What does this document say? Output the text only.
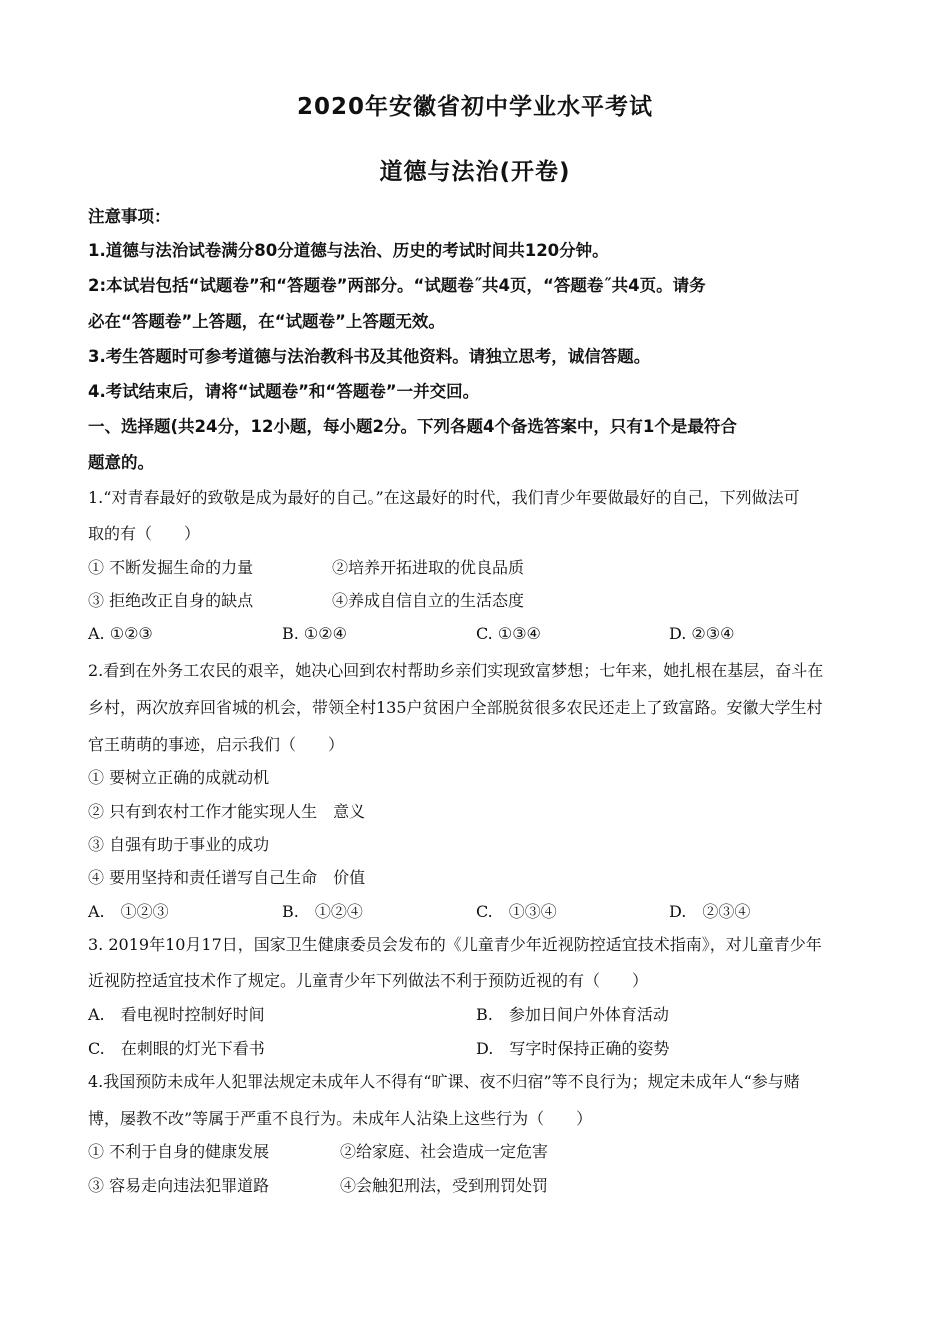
2020年安徽省初中学业水平考试
道德与法治(开卷)
注意事项：
1.道德与法治试卷满分80分道德与法治、历史的考试时间共120分钟。
2:本试岩包括“试题卷”和“答题卷”两部分。“试题卷˝共4页，“答题卷˝共4页。请务
必在“答题卷”上答题，在“试题卷”上答题无效。
3.考生答题时可参考道德与法治教科书及其他资料。请独立思考，诚信答题。
4.考试结束后，请将“试题卷”和“答题卷”一并交回。
一、选择题(共24分，12小题，每小题2分。下列各题4个备选答案中，只有1个是最符合
题意的。
1.“对青春最好的致敬是成为最好的自己。”在这最好的时代，我们青少年要做最好的自己，下列做法可
取的有（　　）
① 不断发掘生命的力量	②培养开拓进取的优良品质
③ 拒绝改正自身的缺点	④养成自信自立的生活态度
A. ①②③	B. ①②④	C. ①③④	D. ②③④
2.看到在外务工农民的艰辛，她决心回到农村帮助乡亲们实现致富梦想；七年来，她扎根在基层，奋斗在
乡村，两次放弃回省城的机会，带领全村135户贫困户全部脱贫很多农民还走上了致富路。安徽大学生村
官王萌萌的事迹，启示我们（　　）
① 要树立正确的成就动机
② 只有到农村工作才能实现人生　意义
③ 自强有助于事业的成功
④ 要用坚持和责任谱写自己生命　价值
A.　①②③	B.　①②④	C.　①③④	D.　②③④
3. 2019年10月17日，国家卫生健康委员会发布的《儿童青少年近视防控适宜技术指南》，对儿童青少年
近视防控适宜技术作了规定。儿童青少年下列做法不利于预防近视的有（　　）
A.　看电视时控制好时间	B.　参加日间户外体育活动
C.　在刺眼的灯光下看书	D.　写字时保持正确的姿势
4.我国预防未成年人犯罪法规定未成年人不得有“旷课、夜不归宿”等不良行为；规定未成年人“参与赌
博，屡教不改”等属于严重不良行为。未成年人沾染上这些行为（　　）
① 不利于自身的健康发展	②给家庭、社会造成一定危害
③ 容易走向违法犯罪道路	④会触犯刑法，受到刑罚处罚
